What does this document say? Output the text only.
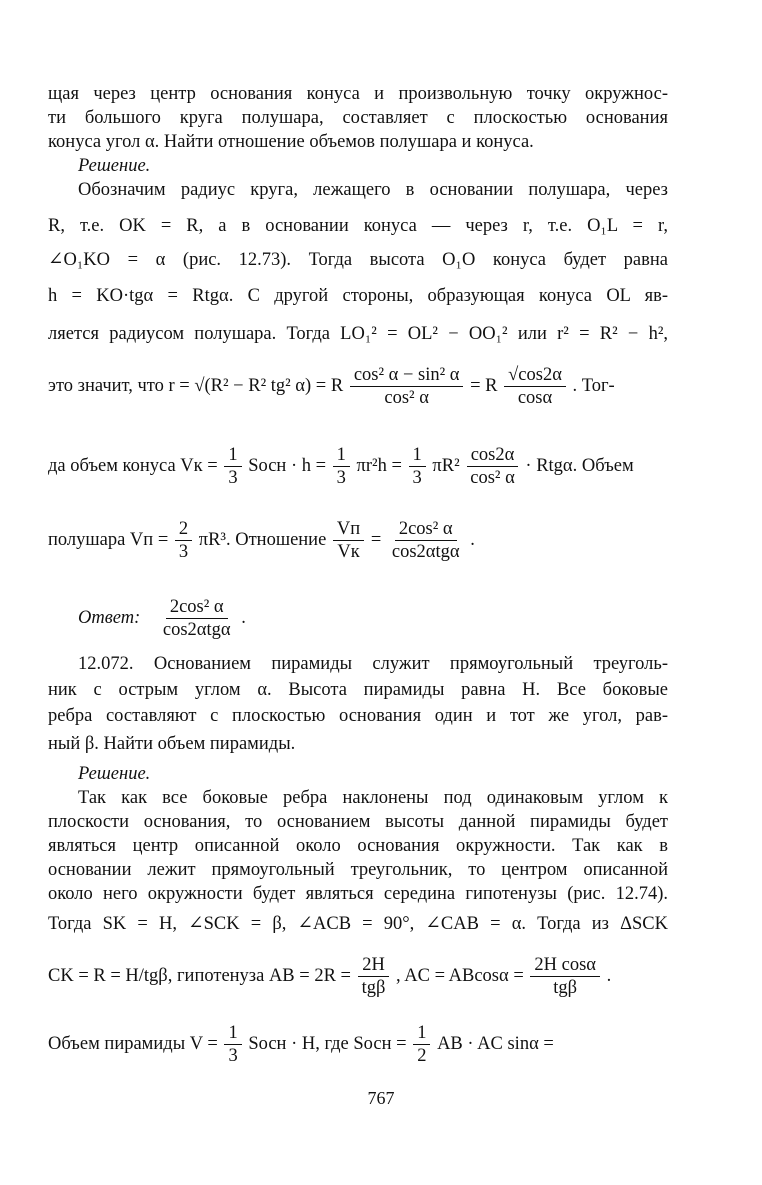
щая через центр основания конуса и произвольную точку окружнос-
ти большого круга полушара, составляет с плоскостью основания
конуса угол α. Найти отношение объемов полушара и конуса.
Решение.
Обозначим радиус круга, лежащего в основании полушара, через
R, т.е. OK = R, а в основании конуса — через r, т.е. O₁L = r,
∠O₁KO = α (рис. 12.73). Тогда высота O₁O конуса будет равна
h = KO·tgα = Rtgα. С другой стороны, образующая конуса OL яв-
ляется радиусом полушара. Тогда LO₁² = OL² − OO₁² или r² = R² − h²,
это значит, что r = √(R² − R² tg² α) = R $\frac{\text{cos² α − sin² α}}{\text{cos² α}} = R \frac{√\cos 2\alpha}{\cos\alpha}$ . Тог-
да объем конуса Vк = $\frac{1}{3}$ Sосн · $h = \frac{1}{3} \pi r^2h = \frac{1}{3} \pi R^2 \frac{\cos 2\alpha}{\text{cos² α}} \cdot Rtg\alpha$. Объем
полушара Vп = $\frac{2}{3} \pi R^3$. Отношение $\frac{Vп}{Vк} = \frac{\text{2cos² α}}{\text{cos2αtgα}}$ .
Ответ: $\frac{\text{2cos² α}}{\text{cos2αtgα}}$ .
12.072. Основанием пирамиды служит прямоугольный треуголь-
ник с острым углом α. Высота пирамиды равна H. Все боковые
ребра составляют с плоскостью основания один и тот же угол, рав-
ный β. Найти объем пирамиды.
Решение.
Так как все боковые ребра наклонены под одинаковым углом к
плоскости основания, то основанием высоты данной пирамиды будет
являться центр описанной около основания окружности. Так как в
основании лежит прямоугольный треугольник, то центром описанной
около него окружности будет являться середина гипотенузы (рис. 12.74).
Тогда SK = H, ∠SCK = β, ∠ACB = 90°, ∠CAB = α. Тогда из ΔSCK
CK = R = H/tgβ, гипотенуза AB = $2R = \frac{2H}{\text{tgβ}}$ , AC = $ABcos\alpha = \frac{\text{2H cosα}}{\text{tgβ}}$ .
Объем пирамиды $V = \frac{1}{3}$ Sосн · H, где Sосн = $\frac{1}{2}$ AB · AC sinα =
767
